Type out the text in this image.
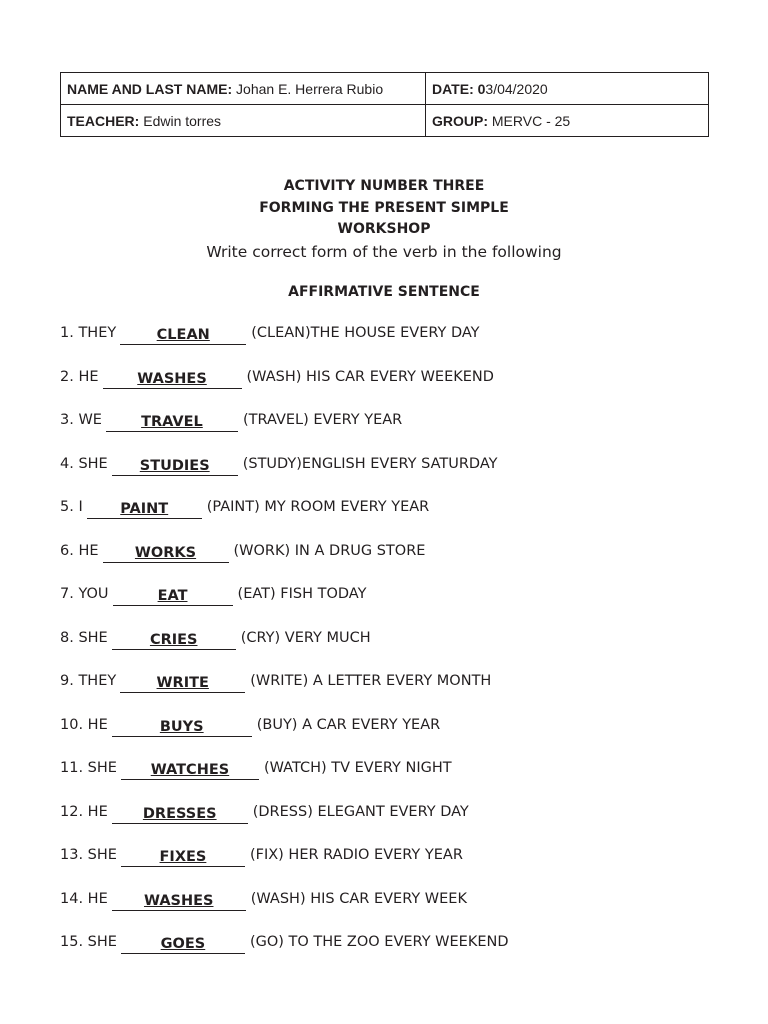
NAME AND LAST NAME: Johan E. Herrera Rubio	DATE: 03/04/2020
TEACHER: Edwin torres	GROUP: MERVC - 25
ACTIVITY NUMBER THREE
FORMING THE PRESENT SIMPLE
WORKSHOP
Write correct form of the verb in the following
AFFIRMATIVE SENTENCE
1. THEY	CLEAN	(CLEAN)THE HOUSE EVERY DAY
2. HE	WASHES	(WASH) HIS CAR EVERY WEEKEND
3. WE	TRAVEL	(TRAVEL) EVERY YEAR
4. SHE STUDIES	(STUDY)ENGLISH EVERY SATURDAY
5. I	PAINT	(PAINT) MY ROOM EVERY YEAR
6. HE	WORKS	(WORK) IN A DRUG STORE
7. YOU	EAT	(EAT) FISH TODAY
8. SHE	CRIES	(CRY) VERY MUCH
9. THEY	WRITE	(WRITE) A LETTER EVERY MONTH
10. HE	BUYS	(BUY) A CAR EVERY YEAR
11. SHE WATCHES	(WATCH) TV EVERY NIGHT
12. HE DRESSES	(DRESS) ELEGANT EVERY DAY
13. SHE	FIXES	(FIX) HER RADIO EVERY YEAR
14. HE	WASHES	(WASH) HIS CAR EVERY WEEK
15. SHE	GOES	(GO) TO THE ZOO EVERY WEEKEND
